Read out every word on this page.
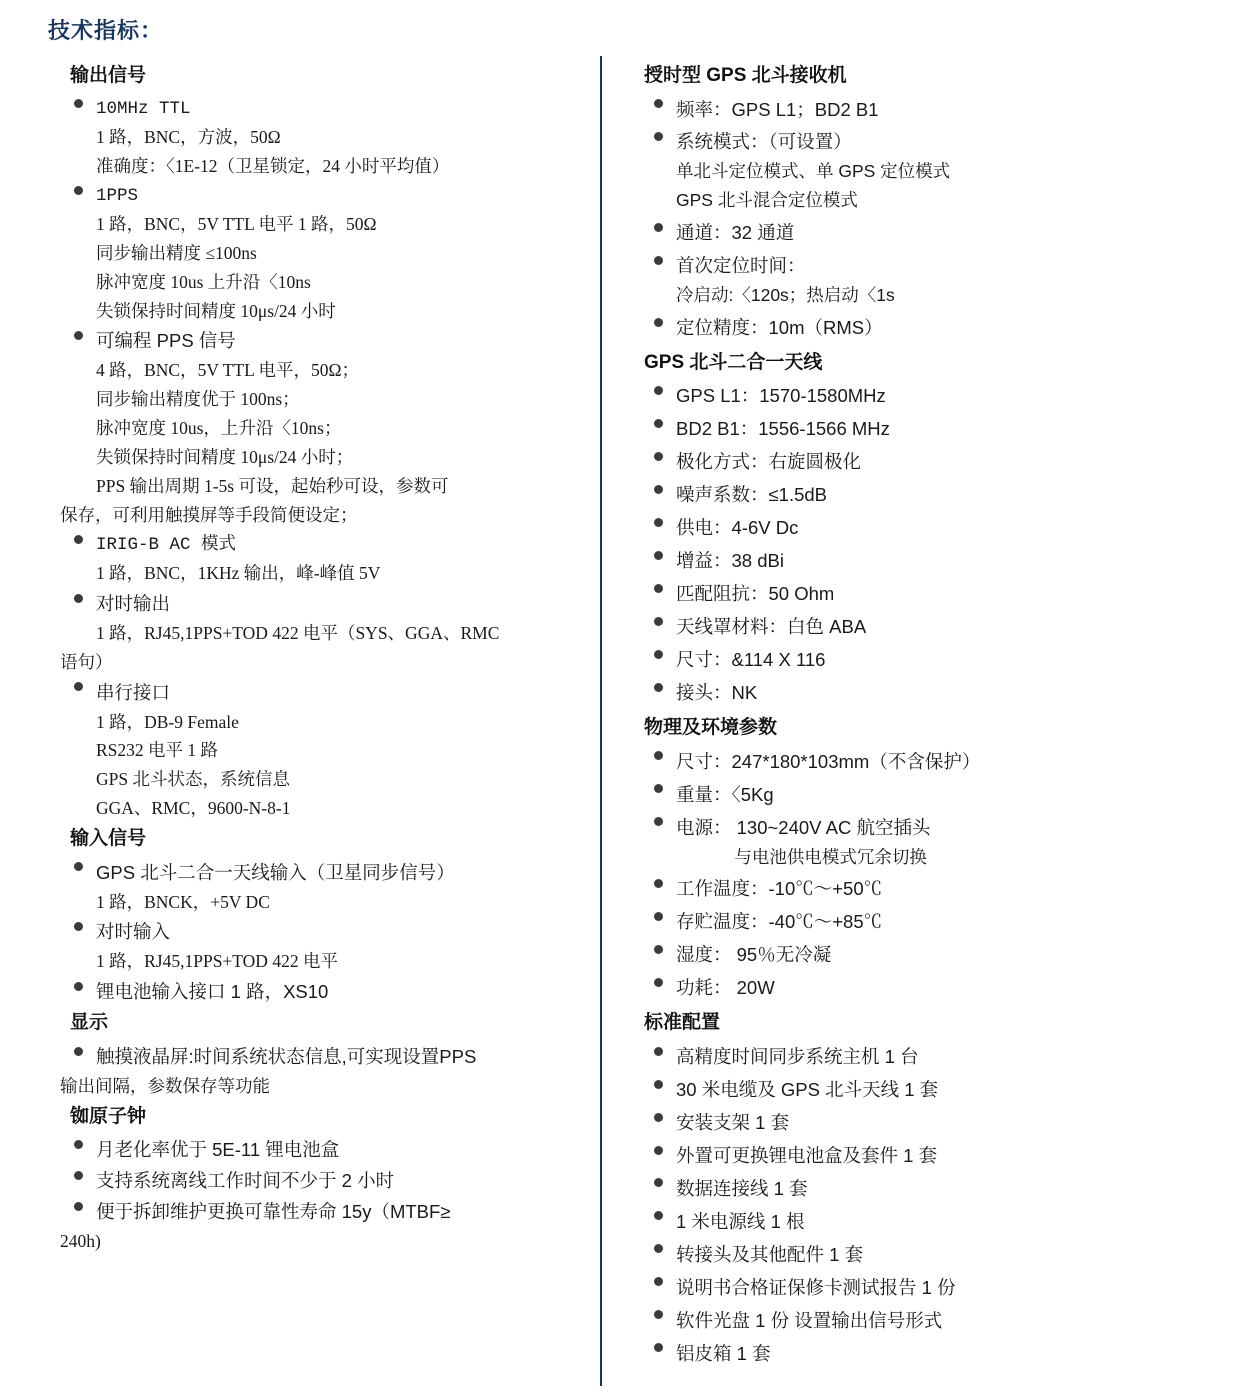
技术指标：
输出信号
10MHz TTL
1 路，BNC，方波，50Ω
准确度：〈1E-12（卫星锁定，24 小时平均值）
1PPS
1 路，BNC，5V TTL 电平 1 路，50Ω
同步输出精度 ≤100ns
脉冲宽度 10us 上升沿〈10ns
失锁保持时间精度 10μs/24 小时
可编程 PPS 信号
4 路，BNC，5V TTL 电平，50Ω；
同步输出精度优于 100ns；
脉冲宽度 10us，上升沿〈10ns；
失锁保持时间精度 10μs/24 小时；
PPS 输出周期 1-5s 可设，起始秒可设，参数可
保存，可利用触摸屏等手段简便设定；
IRIG-B AC 模式
1 路，BNC，1KHz 输出，峰-峰值 5V
对时输出
1 路，RJ45,1PPS+TOD 422 电平（SYS、GGA、RMC
语句）
串行接口
1 路，DB-9 Female
RS232 电平 1 路
GPS 北斗状态，系统信息
GGA、RMC，9600-N-8-1
输入信号
GPS 北斗二合一天线输入（卫星同步信号）
1 路，BNCK，+5V DC
对时输入
1 路，RJ45,1PPS+TOD 422 电平
锂电池输入接口 1 路，XS10
显示
触摸液晶屏:时间系统状态信息,可实现设置PPS
输出间隔，参数保存等功能
铷原子钟
月老化率优于 5E-11 锂电池盒
支持系统离线工作时间不少于 2 小时
便于拆卸维护更换可靠性寿命 15y（MTBF≥
240h)
授时型 GPS 北斗接收机
频率：GPS L1；BD2 B1
系统模式：（可设置）
单北斗定位模式、单 GPS 定位模式
GPS 北斗混合定位模式
通道：32 通道
首次定位时间：
冷启动:〈120s；热启动〈1s
定位精度：10m（RMS）
GPS 北斗二合一天线
GPS L1：1570-1580MHz
BD2 B1：1556-1566 MHz
极化方式：右旋圆极化
噪声系数：≤1.5dB
供电：4-6V Dc
增益：38 dBi
匹配阻抗：50 Ohm
天线罩材料：白色 ABA
尺寸：&114 X 116
接头：NK
物理及环境参数
尺寸：247*180*103mm（不含保护）
重量：〈5Kg
电源： 130~240V AC 航空插头
与电池供电模式冗余切换
工作温度：-10℃～+50℃
存贮温度：-40℃～+85℃
湿度： 95％无冷凝
功耗： 20W
标准配置
高精度时间同步系统主机 1 台
30 米电缆及 GPS 北斗天线 1 套
安装支架 1 套
外置可更换锂电池盒及套件 1 套
数据连接线 1 套
1 米电源线 1 根
转接头及其他配件 1 套
说明书合格证保修卡测试报告 1 份
软件光盘 1 份 设置输出信号形式
铝皮箱 1 套
